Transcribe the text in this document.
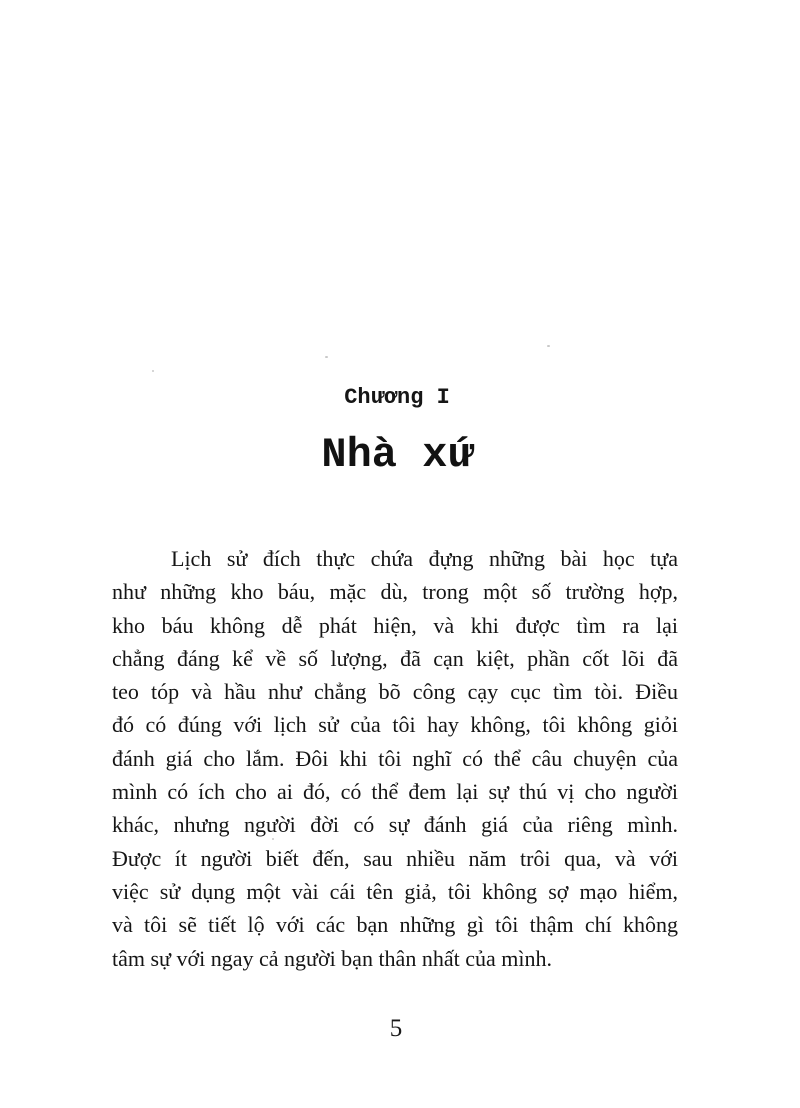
Chương I
Nhà xứ
Lịch sử đích thực chứa đựng những bài học tựa
như những kho báu, mặc dù, trong một số trường hợp,
kho báu không dễ phát hiện, và khi được tìm ra lại
chẳng đáng kể về số lượng, đã cạn kiệt, phần cốt lõi đã
teo tóp và hầu như chẳng bõ công cạy cục tìm tòi. Điều
đó có đúng với lịch sử của tôi hay không, tôi không giỏi
đánh giá cho lắm. Đôi khi tôi nghĩ có thể câu chuyện của
mình có ích cho ai đó, có thể đem lại sự thú vị cho người
khác, nhưng người đời có sự đánh giá của riêng mình.
Được ít người biết đến, sau nhiều năm trôi qua, và với
việc sử dụng một vài cái tên giả, tôi không sợ mạo hiểm,
và tôi sẽ tiết lộ với các bạn những gì tôi thậm chí không
tâm sự với ngay cả người bạn thân nhất của mình.
5
